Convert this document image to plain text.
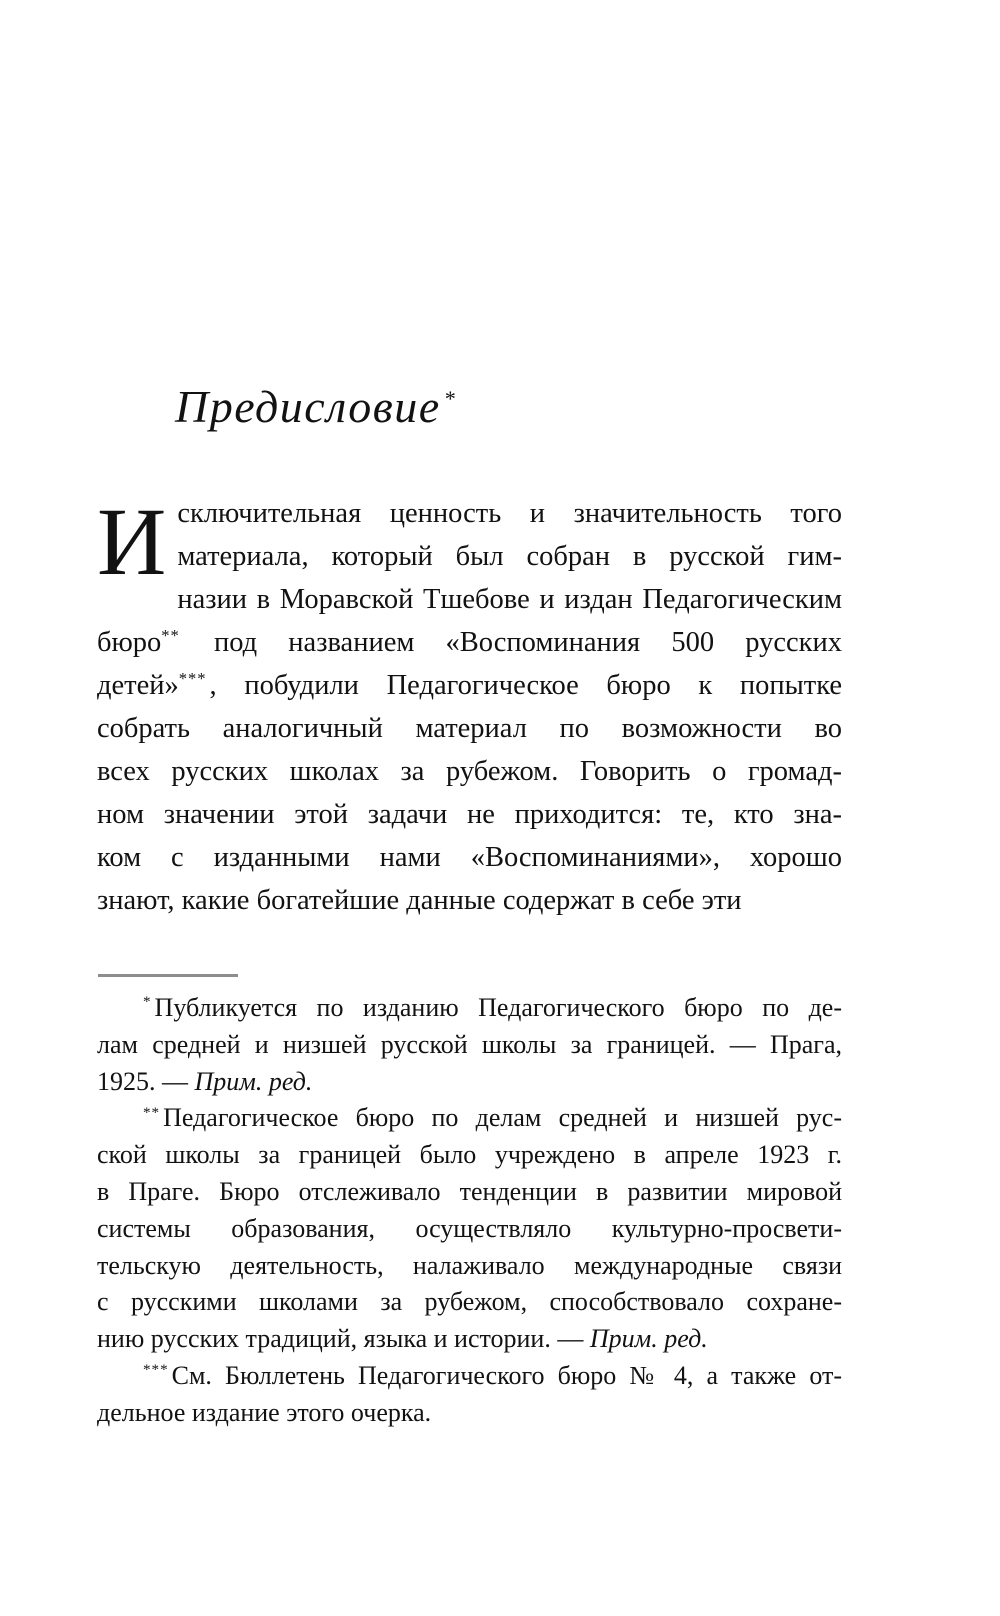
Предисловие *
И сключительная ценность и значительность того
материала, который был собран в русской гим-
назии в Моравской Тшебове и издан Педагогическим
бюро** под названием «Воспоминания 500 русских
детей»*** , побудили Педагогическое бюро к попытке
собрать аналогичный материал по возможности во
всех русских школах за рубежом. Говорить о громад-
ном значении этой задачи не приходится: те, кто зна-
ком с изданными нами «Воспоминаниями», хорошо
знают, какие богатейшие данные содержат в себе эти
* Публикуется по изданию Педагогического бюро по де-
лам средней и низшей русской школы за границей. — Прага,
1925. — Прим. ред.
** Педагогическое бюро по делам средней и низшей рус-
ской школы за границей было учреждено в апреле 1923 г.
в Праге. Бюро отслеживало тенденции в развитии мировой
системы образования, осуществляло культурно-просвети-
тельскую деятельность, налаживало международные связи
с русскими школами за рубежом, способствовало сохране-
нию русских традиций, языка и истории. — Прим. ред.
*** См. Бюллетень Педагогического бюро № 4, а также от-
дельное издание этого очерка.
